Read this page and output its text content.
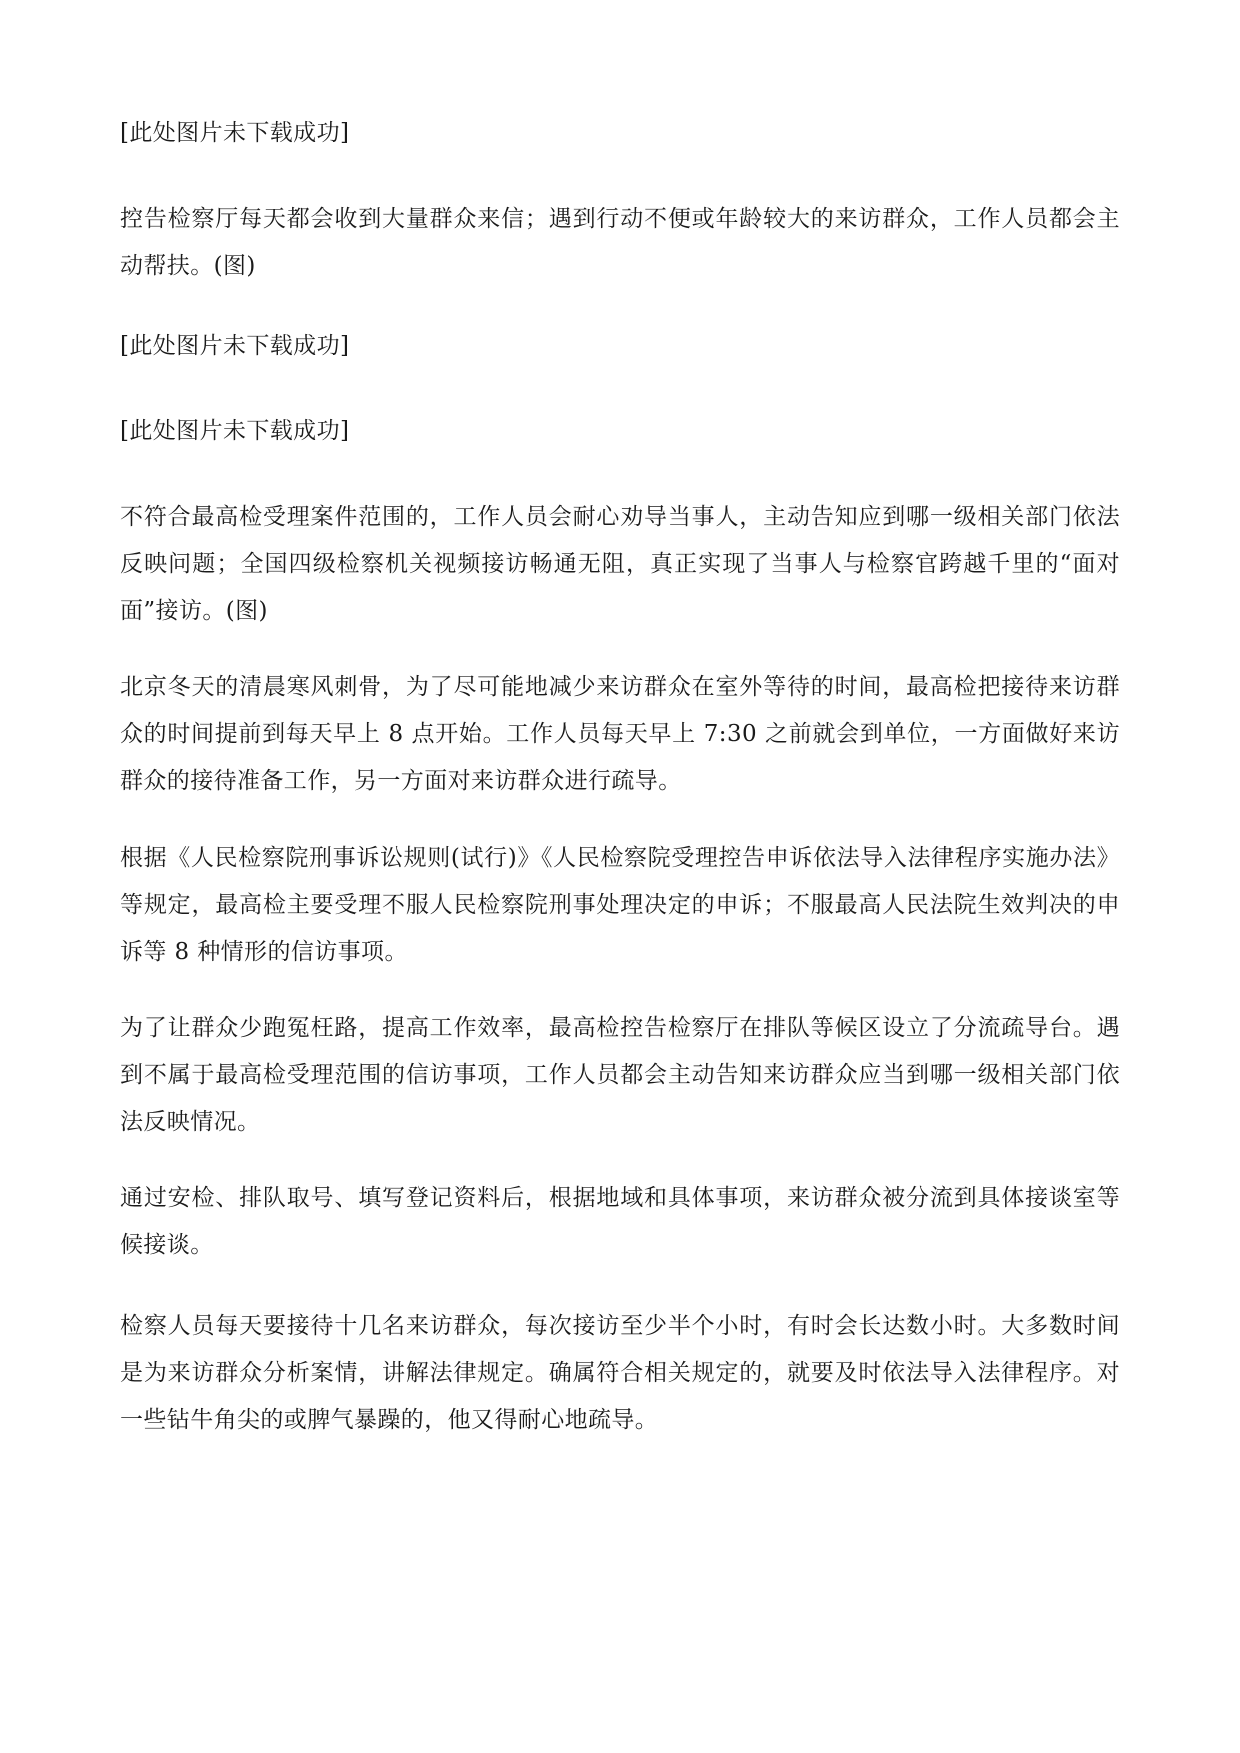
[此处图片未下载成功]

控告检察厅每天都会收到大量群众来信；遇到行动不便或年龄较大的来访群众，工作人员都会主动帮扶。(图)

[此处图片未下载成功]

[此处图片未下载成功]

不符合最高检受理案件范围的，工作人员会耐心劝导当事人，主动告知应到哪一级相关部门依法反映问题；全国四级检察机关视频接访畅通无阻，真正实现了当事人与检察官跨越千里的“面对面”接访。(图)

北京冬天的清晨寒风刺骨，为了尽可能地减少来访群众在室外等待的时间，最高检把接待来访群众的时间提前到每天早上 8 点开始。工作人员每天早上 7:30 之前就会到单位，一方面做好来访群众的接待准备工作，另一方面对来访群众进行疏导。

根据《人民检察院刑事诉讼规则(试行)》《人民检察院受理控告申诉依法导入法律程序实施办法》等规定，最高检主要受理不服人民检察院刑事处理决定的申诉；不服最高人民法院生效判决的申诉等 8 种情形的信访事项。

为了让群众少跑冤枉路，提高工作效率，最高检控告检察厅在排队等候区设立了分流疏导台。遇到不属于最高检受理范围的信访事项，工作人员都会主动告知来访群众应当到哪一级相关部门依法反映情况。

通过安检、排队取号、填写登记资料后，根据地域和具体事项，来访群众被分流到具体接谈室等候接谈。

检察人员每天要接待十几名来访群众，每次接访至少半个小时，有时会长达数小时。大多数时间是为来访群众分析案情，讲解法律规定。确属符合相关规定的，就要及时依法导入法律程序。对一些钻牛角尖的或脾气暴躁的，他又得耐心地疏导。
